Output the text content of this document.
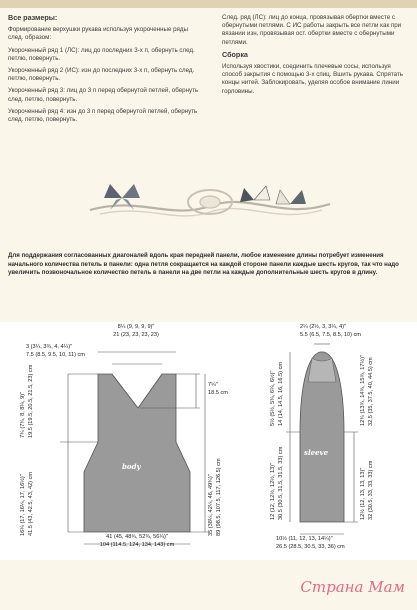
Все размеры:

Формирование верхушки рукава используя укороченные ряды след. образом:

Укороченный ряд 1 (ЛС): лиц до последних 3-х п, обернуть след. петлю, повернуть.

Укороченный ряд 2 (ИС): изн до последних 3-х п, обернуть след. петлю, повернуть.

Укороченный ряд 3: лиц до 3 п перед обернутой петлей, обернуть след. петлю, повернуть.

Укороченный ряд 4: изн до 3 п перед обернутой петлей, обернуть след. петлю, повернуть.

След. ряд (ЛС): лиц до конца, провязывая обертки вместе с обернутыми петлями. С ИС работы закрыть все петли как при вязании изн, провязывая ост. обертки вместе с обернутыми петлями.

Сборка

Используя хвостики, соединить плечевые сосы, используя способ закрытия с помощью 3-х спиц. Вшить рукава. Спрятать концы нитей. Заблокировать, уделяя особое внимание линии горловины.

Для поддержания согласованных диагоналей вдоль края передней панели, любое изменение длины потребует изменения начального количества петель в панели: одна петля сокращается на каждой стороне панели каждые шесть кругов, так что надо увеличить позвоночальное количество петель в панели на две петли на каждые дополнительные шесть кругов в длину.
8¼ (9, 9, 9, 9)"
21 (23, 23, 23, 23)
3 (3¼, 3¾, 4, 4¼)"
7.5 (8.5, 9.5, 10, 11) cm
7¾ (7¾, 8, 8¼, 9)" 19.5 (19.5, 20.5, 21.5, 23) cm
16¼ (17, 16¼, 17, 16½)" 41.5 (43, 42.5, 43, 42) cm
7¼"
18.5 cm
35 (38¼, 42¼, 46, 49¾)" 89 (98.5, 107.5, 117, 126.5) cm
41 (45, 48¾, 52¾, 56¼)"
104 (114.5, 124, 134, 143) cm
body
2¼ (2½, 3, 3¼, 4)"
5.5 (6.5, 7.5, 8.5, 10) cm
5½ (5½, 5¾, 6¼, 6½)" 14 (14, 14.5, 16, 16.5) cm
12 (12, 12½, 12½, 13)" 30.5 (30.5, 31.5, 31.5, 33) cm
12¾ (13¾, 14¾, 15¾, 17½)" 32.5 (35, 37.5, 40, 44.5) cm
12½ (12, 13, 13, 13)" 32 (30.5, 33, 33, 33) cm
10½ (11, 12, 13, 14¼)"
26.5 (28.5, 30.5, 33, 36) cm
sleeve
Страна Мам
